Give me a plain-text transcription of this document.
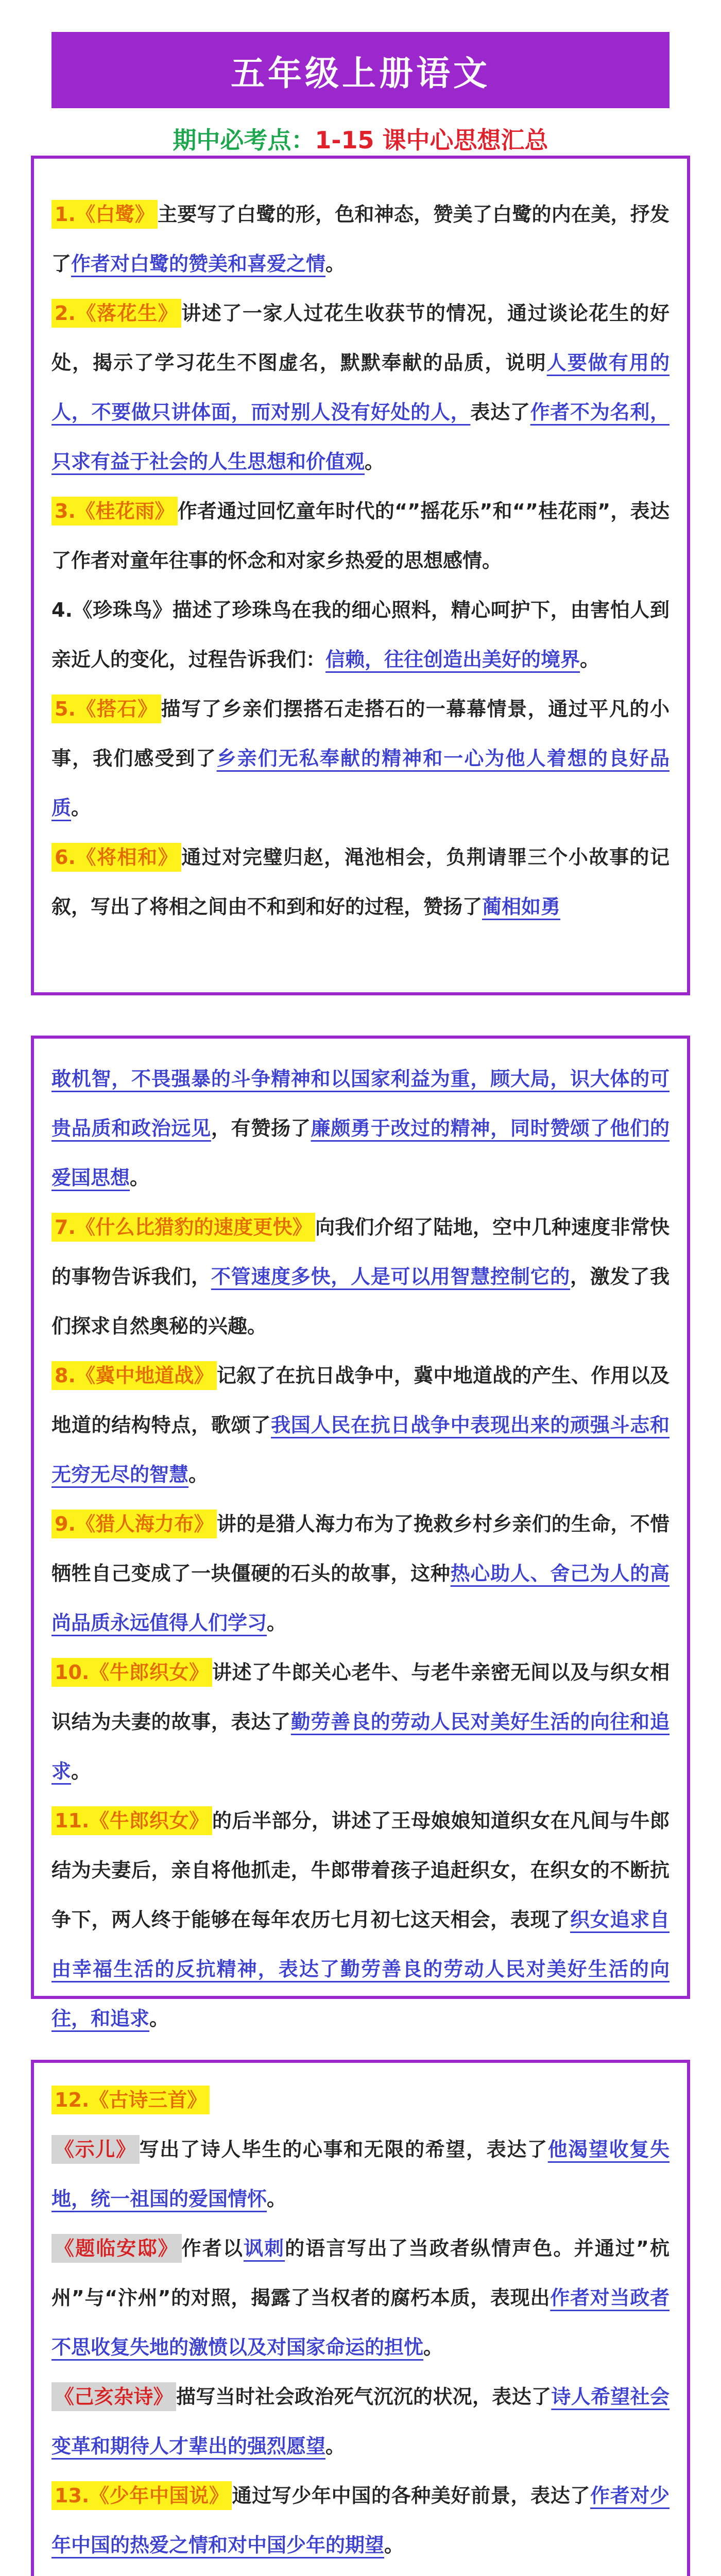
五年级上册语文
期中必考点：1-15 课中心思想汇总

1.《白鹭》 主要写了白鹭的形，色和神态，赞美了白鹭的内在美，抒发了作者对白鹭的赞美和喜爱之情。

2.《落花生》 讲述了一家人过花生收获节的情况，通过谈论花生的好处，揭示了学习花生不图虚名，默默奉献的品质，说明人要做有用的人，不要做只讲体面，而对别人没有好处的人，表达了作者不为名利，只求有益于社会的人生思想和价值观。

3.《桂花雨》 作者通过回忆童年时代的“”摇花乐”和“”桂花雨”，表达了作者对童年往事的怀念和对家乡热爱的思想感情。

4.《珍珠鸟》描述了珍珠鸟在我的细心照料，精心呵护下，由害怕人到亲近人的变化，过程告诉我们：信赖，往往创造出美好的境界。

5.《搭石》 描写了乡亲们摆搭石走搭石的一幕幕情景，通过平凡的小事，我们感受到了乡亲们无私奉献的精神和一心为他人着想的良好品质。

6.《将相和》 通过对完璧归赵，渑池相会，负荆请罪三个小故事的记叙，写出了将相之间由不和到和好的过程，赞扬了蔺相如勇

敢机智，不畏强暴的斗争精神和以国家利益为重，顾大局，识大体的可贵品质和政治远见，有赞扬了廉颇勇于改过的精神，同时赞颂了他们的爱国思想。

7.《什么比猎豹的速度更快》 向我们介绍了陆地，空中几种速度非常快的事物告诉我们，不管速度多快，人是可以用智慧控制它的，激发了我们探求自然奥秘的兴趣。

8.《冀中地道战》 记叙了在抗日战争中，冀中地道战的产生、作用以及地道的结构特点，歌颂了我国人民在抗日战争中表现出来的顽强斗志和无穷无尽的智慧。

9.《猎人海力布》 讲的是猎人海力布为了挽救乡村乡亲们的生命，不惜牺牲自己变成了一块僵硬的石头的故事，这种热心助人、舍己为人的高尚品质永远值得人们学习。

10.《牛郎织女》 讲述了牛郎关心老牛、与老牛亲密无间以及与织女相识结为夫妻的故事，表达了勤劳善良的劳动人民对美好生活的向往和追求。

11.《牛郎织女》 的后半部分，讲述了王母娘娘知道织女在凡间与牛郎结为夫妻后，亲自将他抓走，牛郎带着孩子追赶织女，在织女的不断抗争下，两人终于能够在每年农历七月初七这天相会，表现了织女追求自由幸福生活的反抗精神，表达了勤劳善良的劳动人民对美好生活的向往，和追求。

12.《古诗三首》

《示儿》 写出了诗人毕生的心事和无限的希望，表达了他渴望收复失地，统一祖国的爱国情怀。

《题临安邸》 作者以讽刺的语言写出了当政者纵情声色。并通过”杭州”与“汴州”的对照，揭露了当权者的腐朽本质，表现出作者对当政者不思收复失地的激愤以及对国家命运的担忧。

《己亥杂诗》 描写当时社会政治死气沉沉的状况，表达了诗人希望社会变革和期待人才辈出的强烈愿望。

13.《少年中国说》 通过写少年中国的各种美好前景，表达了作者对少年中国的热爱之情和对中国少年的期望。
